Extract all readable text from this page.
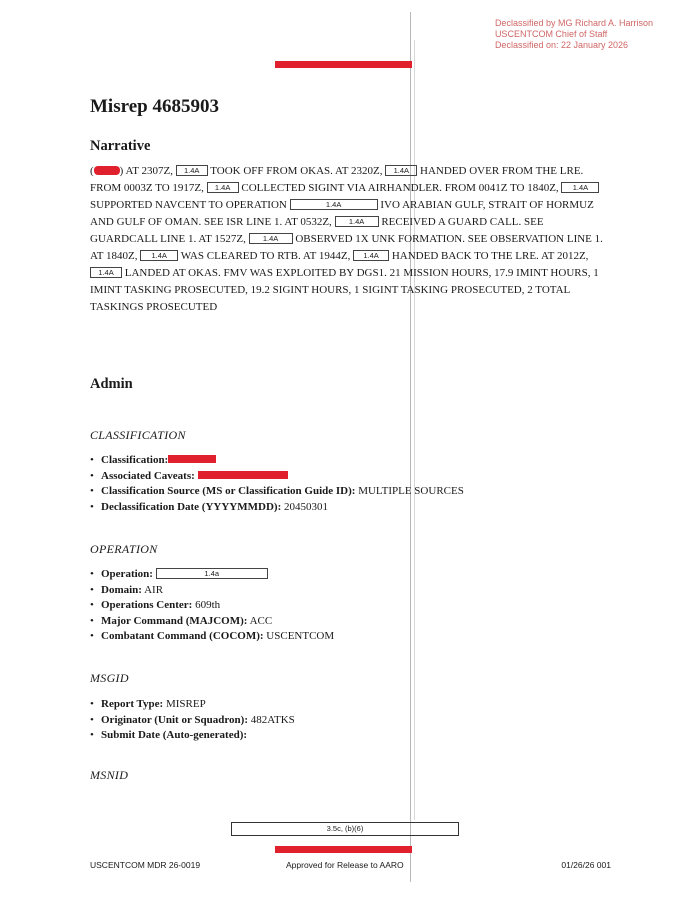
Declassified by MG Richard A. Harrison
USCENTCOM Chief of Staff
Declassified on: 22 January 2026
Misrep 4685903
Narrative
( ) AT 2307Z, 1.4A TOOK OFF FROM OKAS. AT 2320Z, 1.4A HANDED OVER FROM THE LRE. FROM 0003Z TO 1917Z, 1.4A COLLECTED SIGINT VIA AIRHANDLER. FROM 0041Z TO 1840Z, 1.4A SUPPORTED NAVCENT TO OPERATION	1.4A	IVO ARABIAN GULF, STRAIT OF HORMUZ AND GULF OF OMAN. SEE ISR LINE 1. AT 0532Z, 1.4A RECEIVED A GUARD CALL. SEE GUARDCALL LINE 1. AT 1527Z, 1.4A OBSERVED 1X UNK FORMATION. SEE OBSERVATION LINE 1. AT 1840Z, 1.4A WAS CLEARED TO RTB. AT 1944Z, 1.4A HANDED BACK TO THE LRE. AT 2012Z, 1.4A LANDED AT OKAS. FMV WAS EXPLOITED BY DGS1. 21 MISSION HOURS, 17.9 IMINT HOURS, 1 IMINT TASKING PROSECUTED, 19.2 SIGINT HOURS, 1 SIGINT TASKING PROSECUTED, 2 TOTAL TASKINGS PROSECUTED
Admin
CLASSIFICATION
• Classification:
• Associated Caveats:
• Classification Source (MS or Classification Guide ID): MULTIPLE SOURCES
• Declassification Date (YYYYMMDD): 20450301
OPERATION
• Operation:	1.4a
• Domain: AIR
• Operations Center: 609th
• Major Command (MAJCOM): ACC
• Combatant Command (COCOM): USCENTCOM
MSGID
• Report Type: MISREP
• Originator (Unit or Squadron): 482ATKS
• Submit Date (Auto-generated):
MSNID
3.5c, (b)(6)
USCENTCOM MDR 26-0019	Approved for Release to AARO	01/26/26 001
